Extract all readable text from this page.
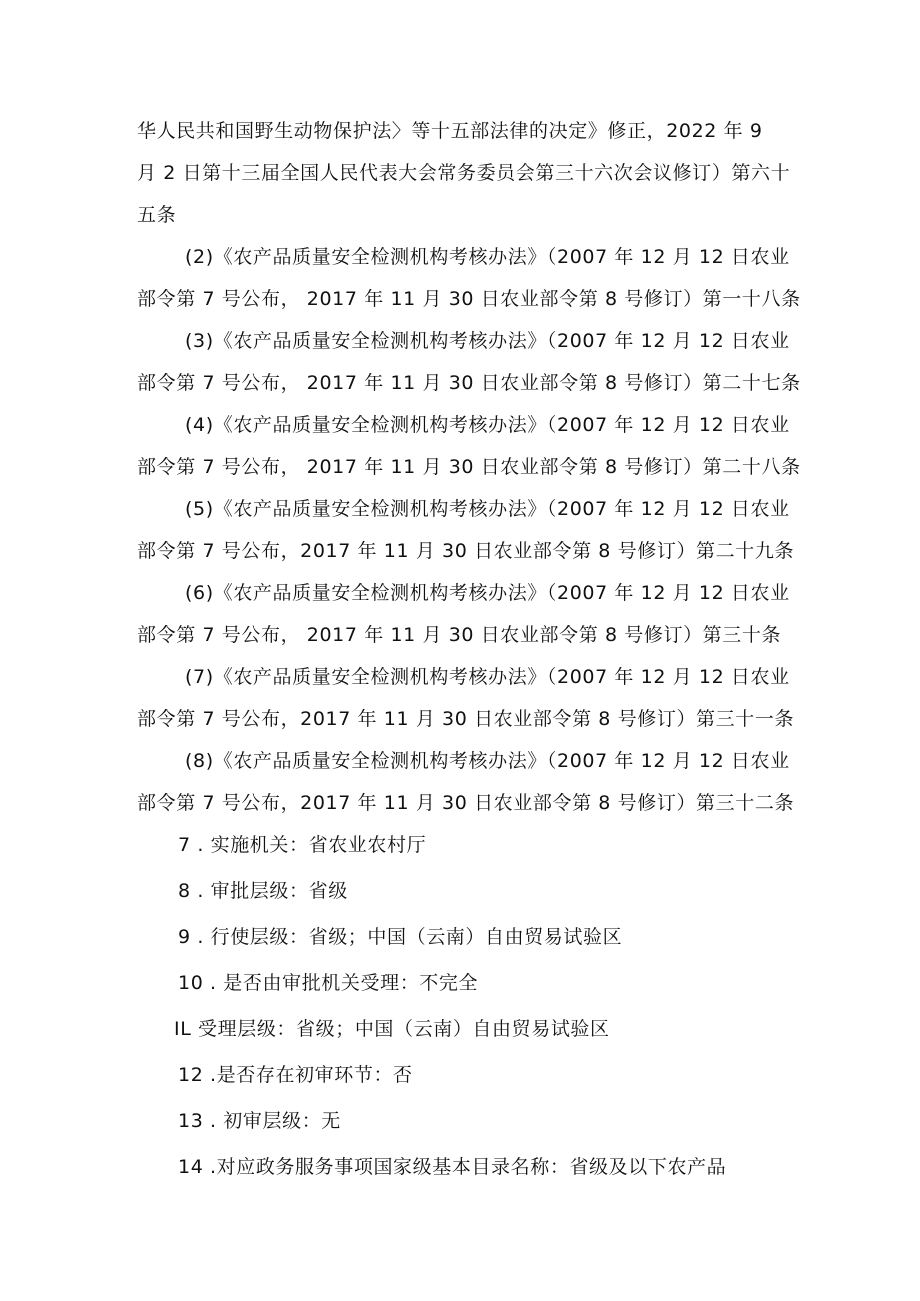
华人民共和国野生动物保护法〉等十五部法律的决定》修正，2022 年 9
月 2 日第十三届全国人民代表大会常务委员会第三十六次会议修订）第六十
五条
(2)《农产品质量安全检测机构考核办法》（2007 年 12 月 12 日农业
部令第 7 号公布， 2017 年 11 月 30 日农业部令第 8 号修订）第一十八条
(3)《农产品质量安全检测机构考核办法》（2007 年 12 月 12 日农业
部令第 7 号公布， 2017 年 11 月 30 日农业部令第 8 号修订）第二十七条
(4)《农产品质量安全检测机构考核办法》（2007 年 12 月 12 日农业
部令第 7 号公布， 2017 年 11 月 30 日农业部令第 8 号修订）第二十八条
(5)《农产品质量安全检测机构考核办法》（2007 年 12 月 12 日农业
部令第 7 号公布，2017 年 11 月 30 日农业部令第 8 号修订）第二十九条
(6)《农产品质量安全检测机构考核办法》（2007 年 12 月 12 日农业
部令第 7 号公布， 2017 年 11 月 30 日农业部令第 8 号修订）第三十条
(7)《农产品质量安全检测机构考核办法》（2007 年 12 月 12 日农业
部令第 7 号公布，2017 年 11 月 30 日农业部令第 8 号修订）第三十一条
(8)《农产品质量安全检测机构考核办法》（2007 年 12 月 12 日农业
部令第 7 号公布，2017 年 11 月 30 日农业部令第 8 号修订）第三十二条
7 . 实施机关：省农业农村厅
8 . 审批层级：省级
9 . 行使层级：省级；中国（云南）自由贸易试验区
10 . 是否由审批机关受理：不完全
IL 受理层级：省级；中国（云南）自由贸易试验区
12 .是否存在初审环节：否
13 . 初审层级：无
14 .对应政务服务事项国家级基本目录名称：省级及以下农产品
